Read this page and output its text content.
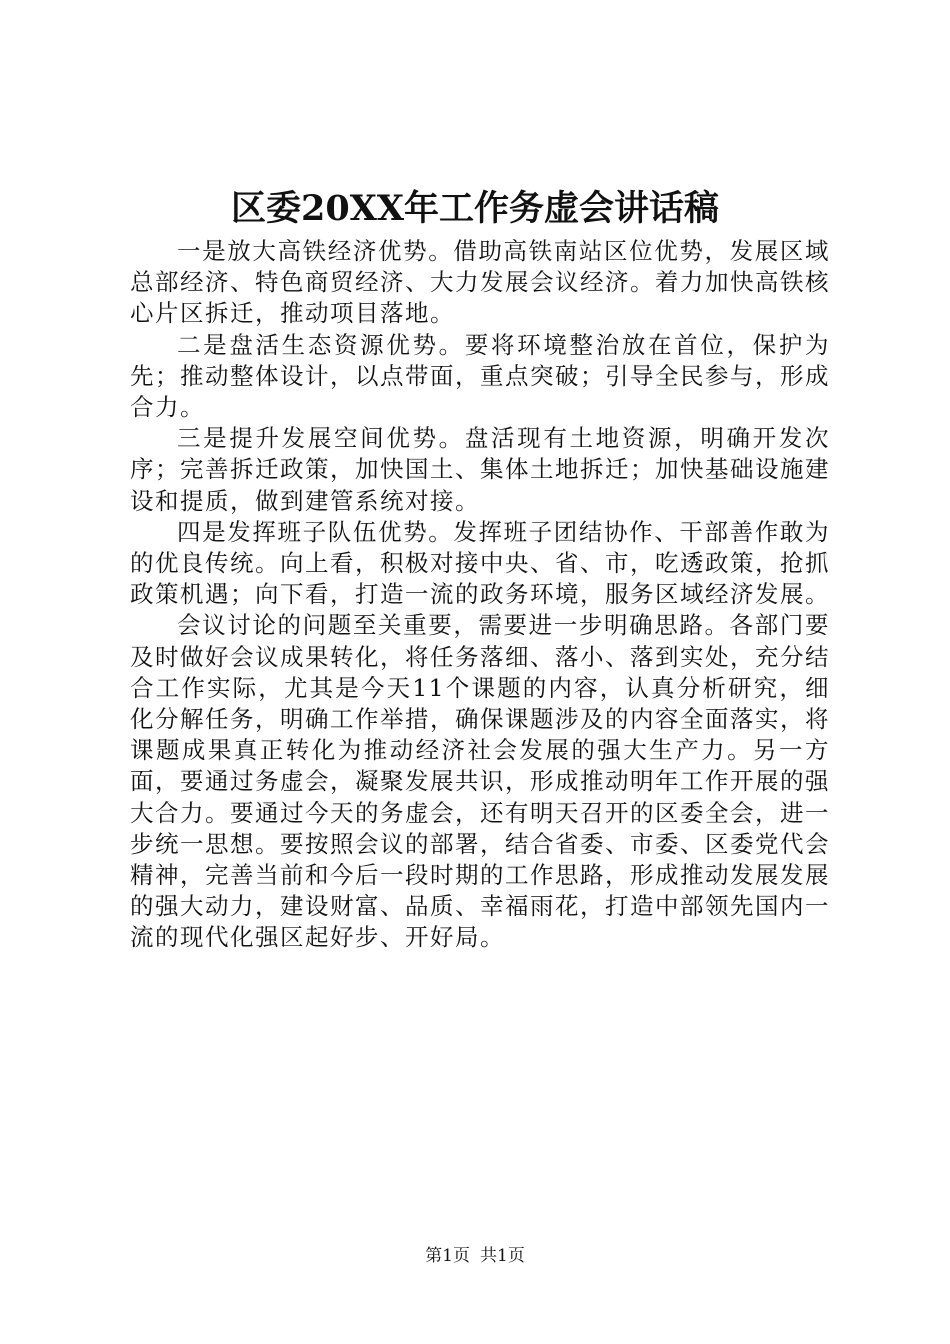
区委20XX年工作务虚会讲话稿

一是放大高铁经济优势。借助高铁南站区位优势，发展区域总部经济、特色商贸经济、大力发展会议经济。着力加快高铁核心片区拆迁，推动项目落地。

二是盘活生态资源优势。要将环境整治放在首位，保护为先；推动整体设计，以点带面，重点突破；引导全民参与，形成合力。

三是提升发展空间优势。盘活现有土地资源，明确开发次序；完善拆迁政策，加快国土、集体土地拆迁；加快基础设施建设和提质，做到建管系统对接。

四是发挥班子队伍优势。发挥班子团结协作、干部善作敢为的优良传统。向上看，积极对接中央、省、市，吃透政策，抢抓政策机遇；向下看，打造一流的政务环境，服务区域经济发展。

会议讨论的问题至关重要，需要进一步明确思路。各部门要及时做好会议成果转化，将任务落细、落小、落到实处，充分结合工作实际，尤其是今天11个课题的内容，认真分析研究，细化分解任务，明确工作举措，确保课题涉及的内容全面落实，将课题成果真正转化为推动经济社会发展的强大生产力。另一方面，要通过务虚会，凝聚发展共识，形成推动明年工作开展的强大合力。要通过今天的务虚会，还有明天召开的区委全会，进一步统一思想。要按照会议的部署，结合省委、市委、区委党代会精神，完善当前和今后一段时期的工作思路，形成推动发展发展的强大动力，建设财富、品质、幸福雨花，打造中部领先国内一流的现代化强区起好步、开好局。

第1页 共1页
